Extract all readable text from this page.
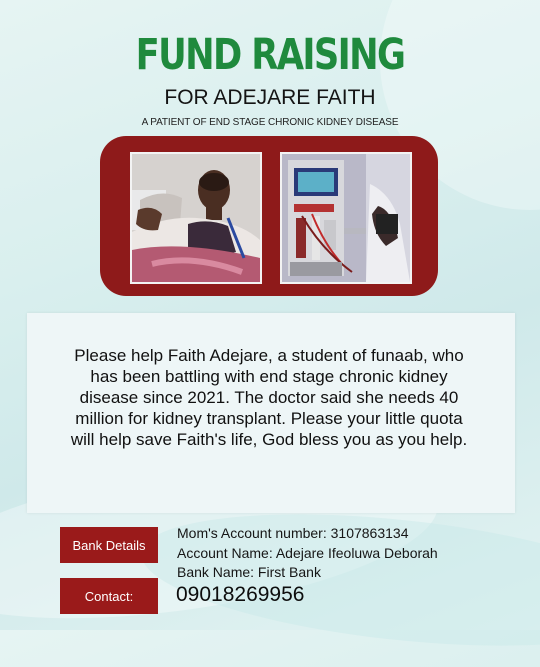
FUND RAISING
FOR ADEJARE FAITH
A PATIENT OF END STAGE CHRONIC KIDNEY DISEASE
Please help Faith Adejare, a student of funaab, who has been battling with end stage chronic kidney disease since 2021. The doctor said she needs 40 million for kidney transplant. Please your little quota will help save Faith's life, God bless you as you help.
Bank Details
Mom's Account number: 3107863134
Account Name: Adejare Ifeoluwa Deborah
Bank Name: First Bank
Contact:	09018269956
